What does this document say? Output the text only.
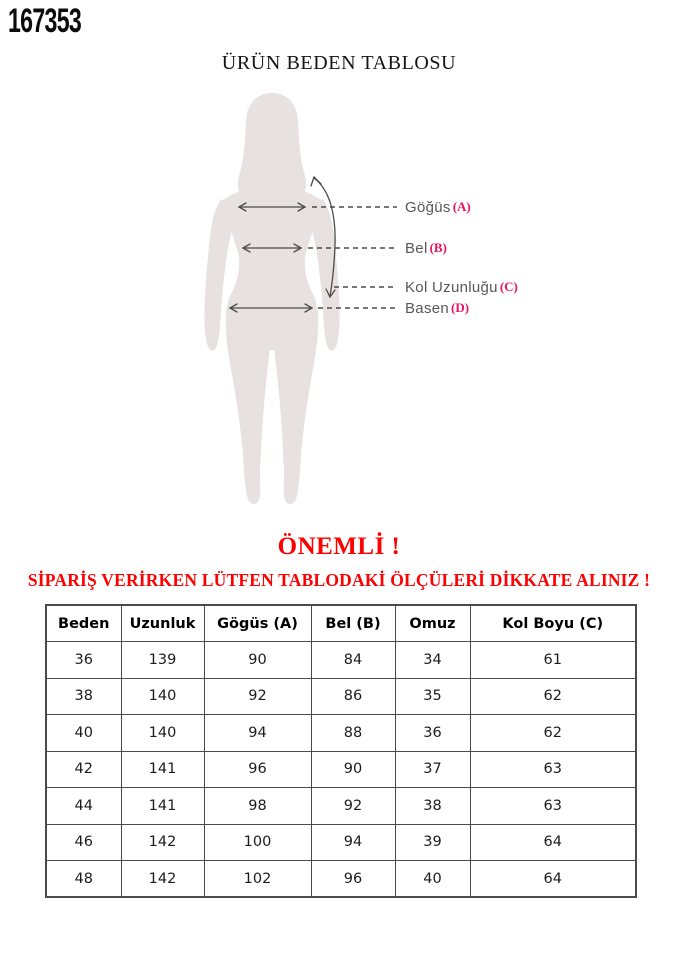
167353
ÜRÜN BEDEN TABLOSU
Göğüs (A)
Bel (B)
Kol Uzunluğu (C)
Basen (D)
ÖNEMLİ !
SİPARİŞ VERİRKEN LÜTFEN TABLODAKİ ÖLÇÜLERİ DİKKATE ALINIZ !
Beden	Uzunluk	Gögüs (A)	Bel (B)	Omuz	Kol Boyu (C)
36	139	90	84	34	61
38	140	92	86	35	62
40	140	94	88	36	62
42	141	96	90	37	63
44	141	98	92	38	63
46	142	100	94	39	64
48	142	102	96	40	64
